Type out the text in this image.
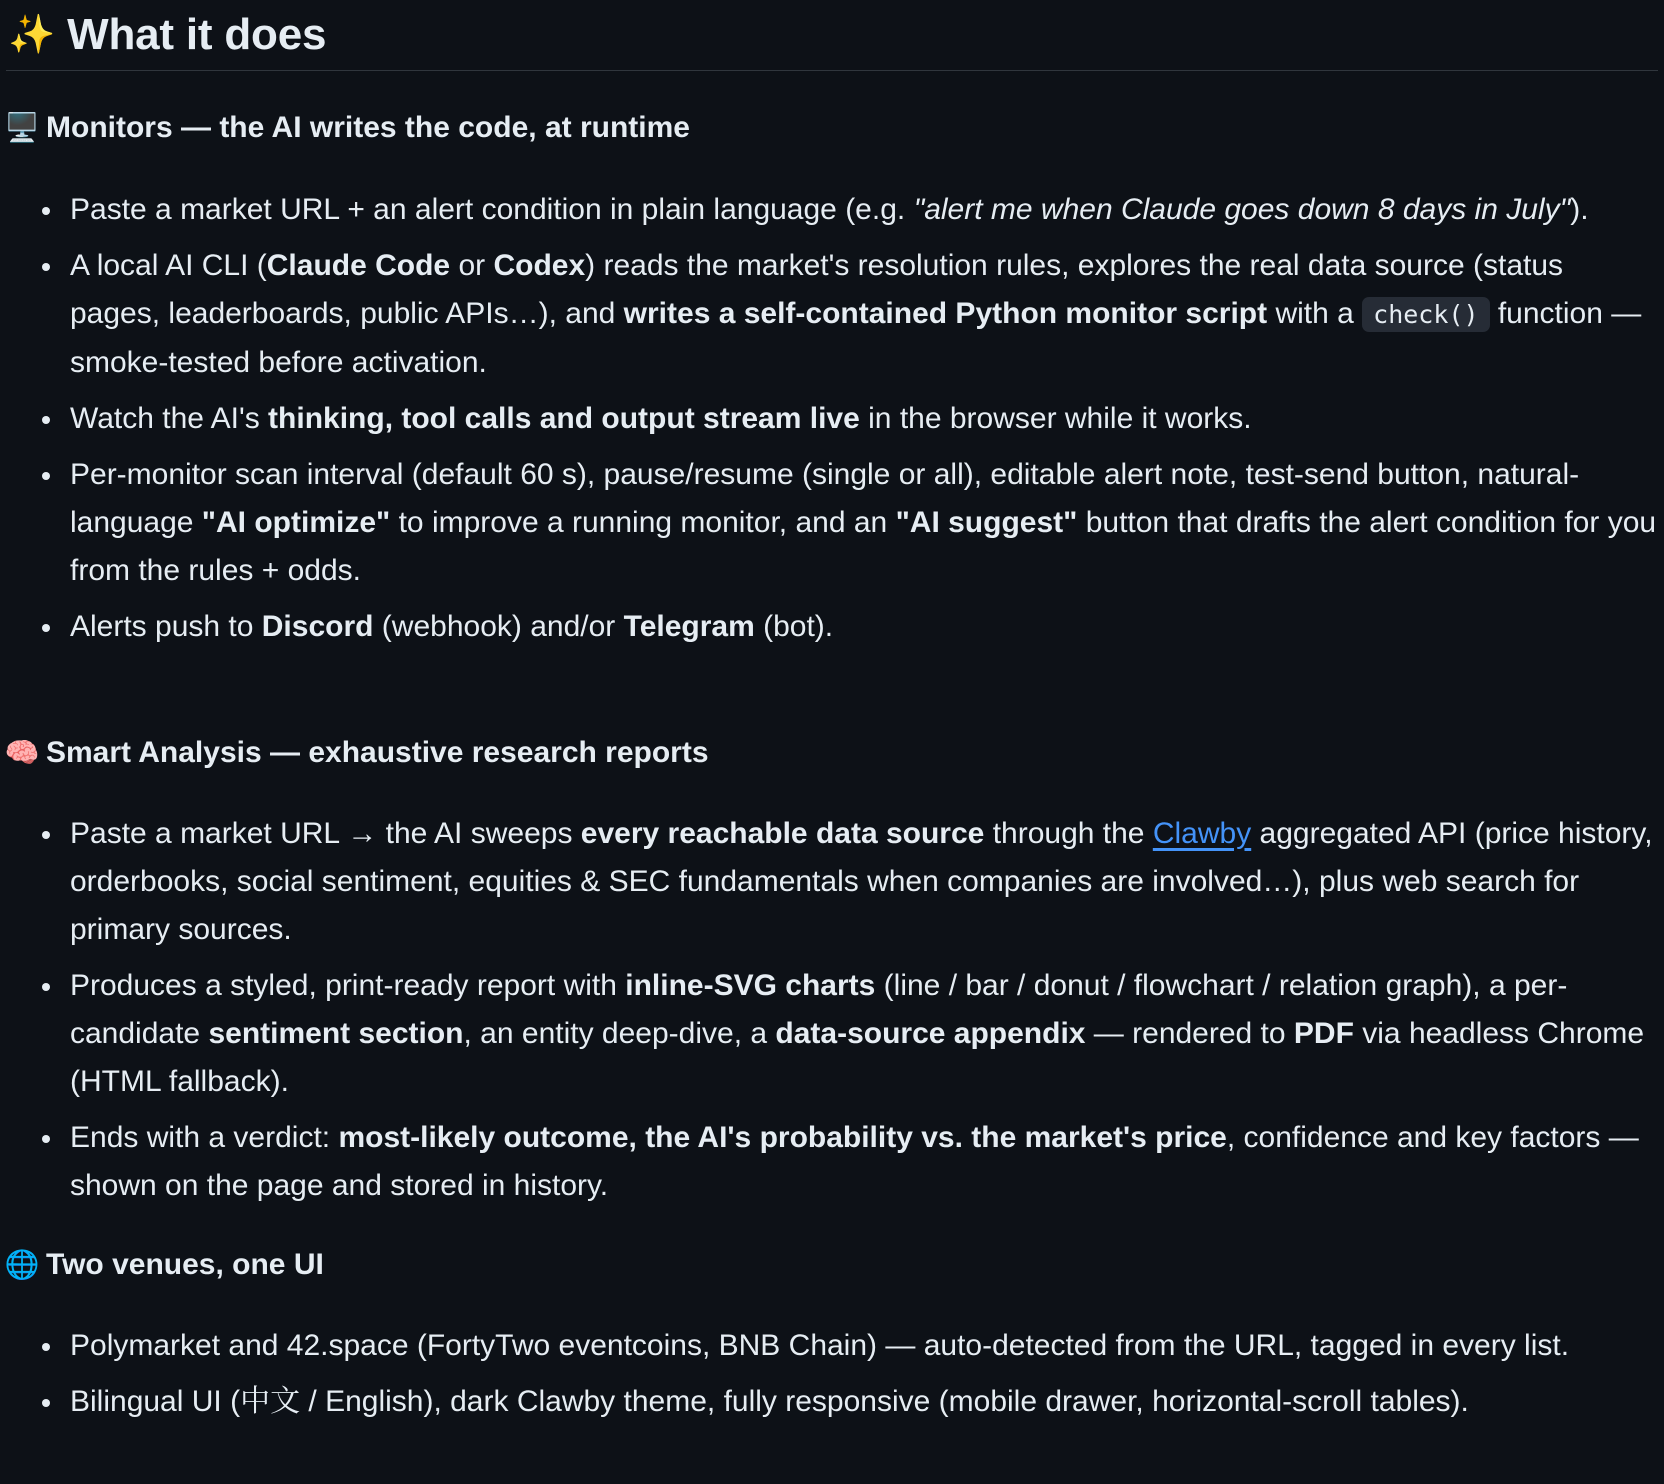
✨ What it does
🖥️ Monitors — the AI writes the code, at runtime
Paste a market URL + an alert condition in plain language (e.g. "alert me when Claude goes down 8 days in July").
A local AI CLI (Claude Code or Codex) reads the market's resolution rules, explores the real data source (status pages, leaderboards, public APIs…), and writes a self-contained Python monitor script with a check() function — smoke-tested before activation.
Watch the AI's thinking, tool calls and output stream live in the browser while it works.
Per-monitor scan interval (default 60 s), pause/resume (single or all), editable alert note, test-send button, natural-language "AI optimize" to improve a running monitor, and an "AI suggest" button that drafts the alert condition for you from the rules + odds.
Alerts push to Discord (webhook) and/or Telegram (bot).
🧠 Smart Analysis — exhaustive research reports
Paste a market URL → the AI sweeps every reachable data source through the Clawby aggregated API (price history, orderbooks, social sentiment, equities & SEC fundamentals when companies are involved…), plus web search for primary sources.
Produces a styled, print-ready report with inline-SVG charts (line / bar / donut / flowchart / relation graph), a per-candidate sentiment section, an entity deep-dive, a data-source appendix — rendered to PDF via headless Chrome (HTML fallback).
Ends with a verdict: most-likely outcome, the AI's probability vs. the market's price, confidence and key factors — shown on the page and stored in history.
🌐 Two venues, one UI
Polymarket and 42.space (FortyTwo eventcoins, BNB Chain) — auto-detected from the URL, tagged in every list.
Bilingual UI (中文 / English), dark Clawby theme, fully responsive (mobile drawer, horizontal-scroll tables).
